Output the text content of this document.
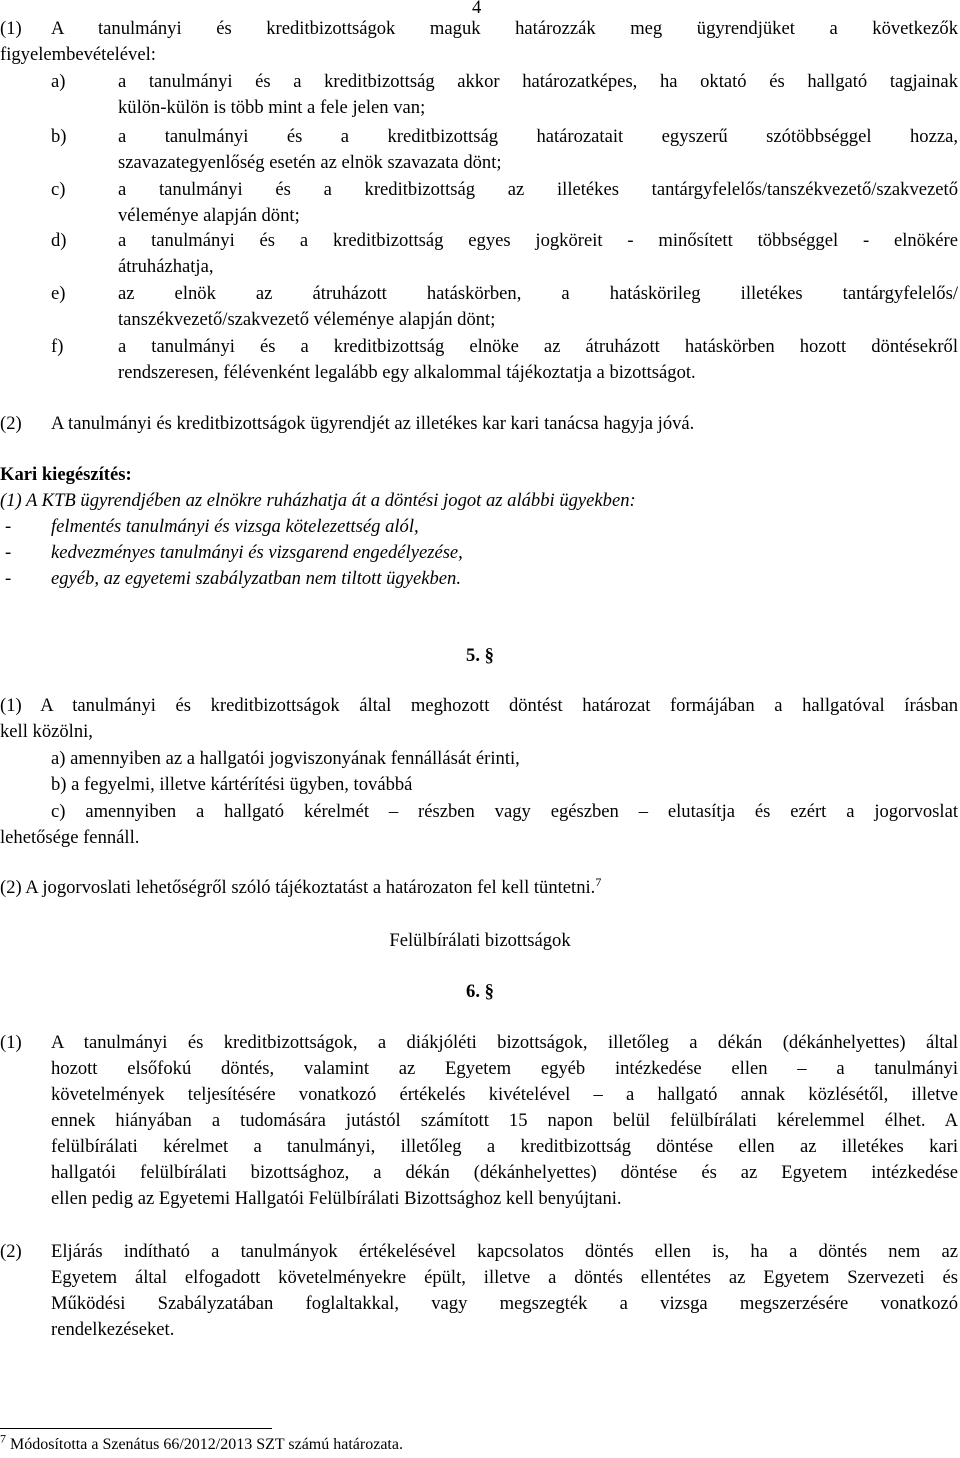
4
(1) A tanulmányi és kreditbizottságok maguk határozzák meg ügyrendjüket a következők
figyelembevételével:
a)	a tanulmányi és a kreditbizottság akkor határozatképes, ha oktató és hallgató tagjainak
külön-külön is több mint a fele jelen van;
b)	a tanulmányi és a kreditbizottság határozatait egyszerű szótöbbséggel hozza,
szavazategyenlőség esetén az elnök szavazata dönt;
c)	a tanulmányi és a kreditbizottság az illetékes tantárgyfelelős/tanszékvezető/szakvezető
véleménye alapján dönt;
d)	a tanulmányi és a kreditbizottság egyes jogköreit - minősített többséggel - elnökére
átruházhatja,
e)	az elnök az átruházott hatáskörben, a hatáskörileg illetékes tantárgyfelelős/
tanszékvezető/szakvezető véleménye alapján dönt;
f)	a tanulmányi és a kreditbizottság elnöke az átruházott hatáskörben hozott döntésekről
rendszeresen, félévenként legalább egy alkalommal tájékoztatja a bizottságot.
(2) A tanulmányi és kreditbizottságok ügyrendjét az illetékes kar kari tanácsa hagyja jóvá.
Kari kiegészítés:
(1) A KTB ügyrendjében az elnökre ruházhatja át a döntési jogot az alábbi ügyekben:
- felmentés tanulmányi és vizsga kötelezettség alól,
- kedvezményes tanulmányi és vizsgarend engedélyezése,
- egyéb, az egyetemi szabályzatban nem tiltott ügyekben.
5. §
(1) A tanulmányi és kreditbizottságok által meghozott döntést határozat formájában a hallgatóval írásban
kell közölni,
a) amennyiben az a hallgatói jogviszonyának fennállását érinti,
b) a fegyelmi, illetve kártérítési ügyben, továbbá
c) amennyiben a hallgató kérelmét – részben vagy egészben – elutasítja és ezért a jogorvoslat
lehetősége fennáll.
(2) A jogorvoslati lehetőségről szóló tájékoztatást a határozaton fel kell tüntetni.$^7$
Felülbírálati bizottságok
6. §
(1) A tanulmányi és kreditbizottságok, a diákjóléti bizottságok, illetőleg a dékán (dékánhelyettes) által
hozott elsőfokú döntés, valamint az Egyetem egyéb intézkedése ellen – a tanulmányi
követelmények teljesítésére vonatkozó értékelés kivételével – a hallgató annak közlésétől, illetve
ennek hiányában a tudomására jutástól számított 15 napon belül felülbírálati kérelemmel élhet. A
felülbírálati kérelmet a tanulmányi, illetőleg a kreditbizottság döntése ellen az illetékes kari
hallgatói felülbírálati bizottsághoz, a dékán (dékánhelyettes) döntése és az Egyetem intézkedése
ellen pedig az Egyetemi Hallgatói Felülbírálati Bizottsághoz kell benyújtani.
(2) Eljárás indítható a tanulmányok értékelésével kapcsolatos döntés ellen is, ha a döntés nem az
Egyetem által elfogadott követelményekre épült, illetve a döntés ellentétes az Egyetem Szervezeti és
Működési Szabályzatában foglaltakkal, vagy megszegték a vizsga megszerzésére vonatkozó
rendelkezéseket.
$^7$ Módosította a Szenátus 66/2012/2013 SZT számú határozata.
